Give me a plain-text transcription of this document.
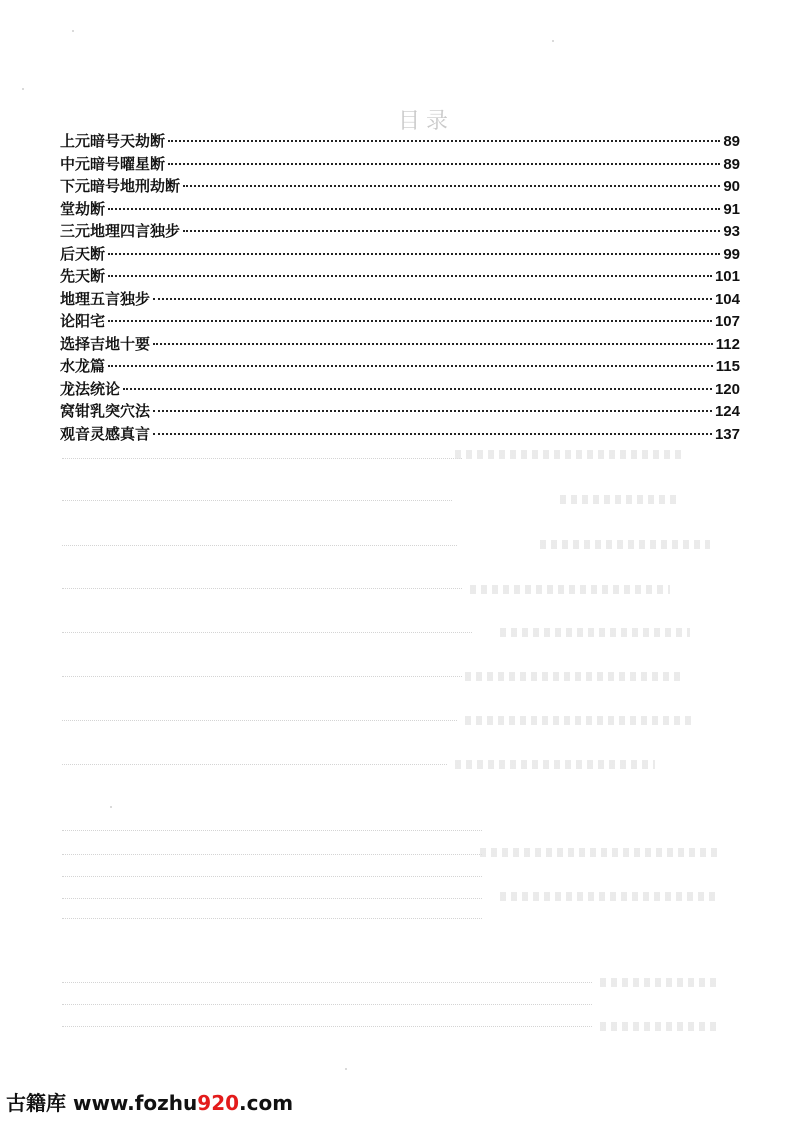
目录
上元暗号天劫断	89
中元暗号曜星断	89
下元暗号地刑劫断	90
堂劫断	91
三元地理四言独步	93
后天断	99
先天断	101
地理五言独步	104
论阳宅	107
选择吉地十要	112
水龙篇	115
龙法统论	120
窝钳乳突穴法	124
观音灵感真言	137
古籍库 www.fozhu920.com
